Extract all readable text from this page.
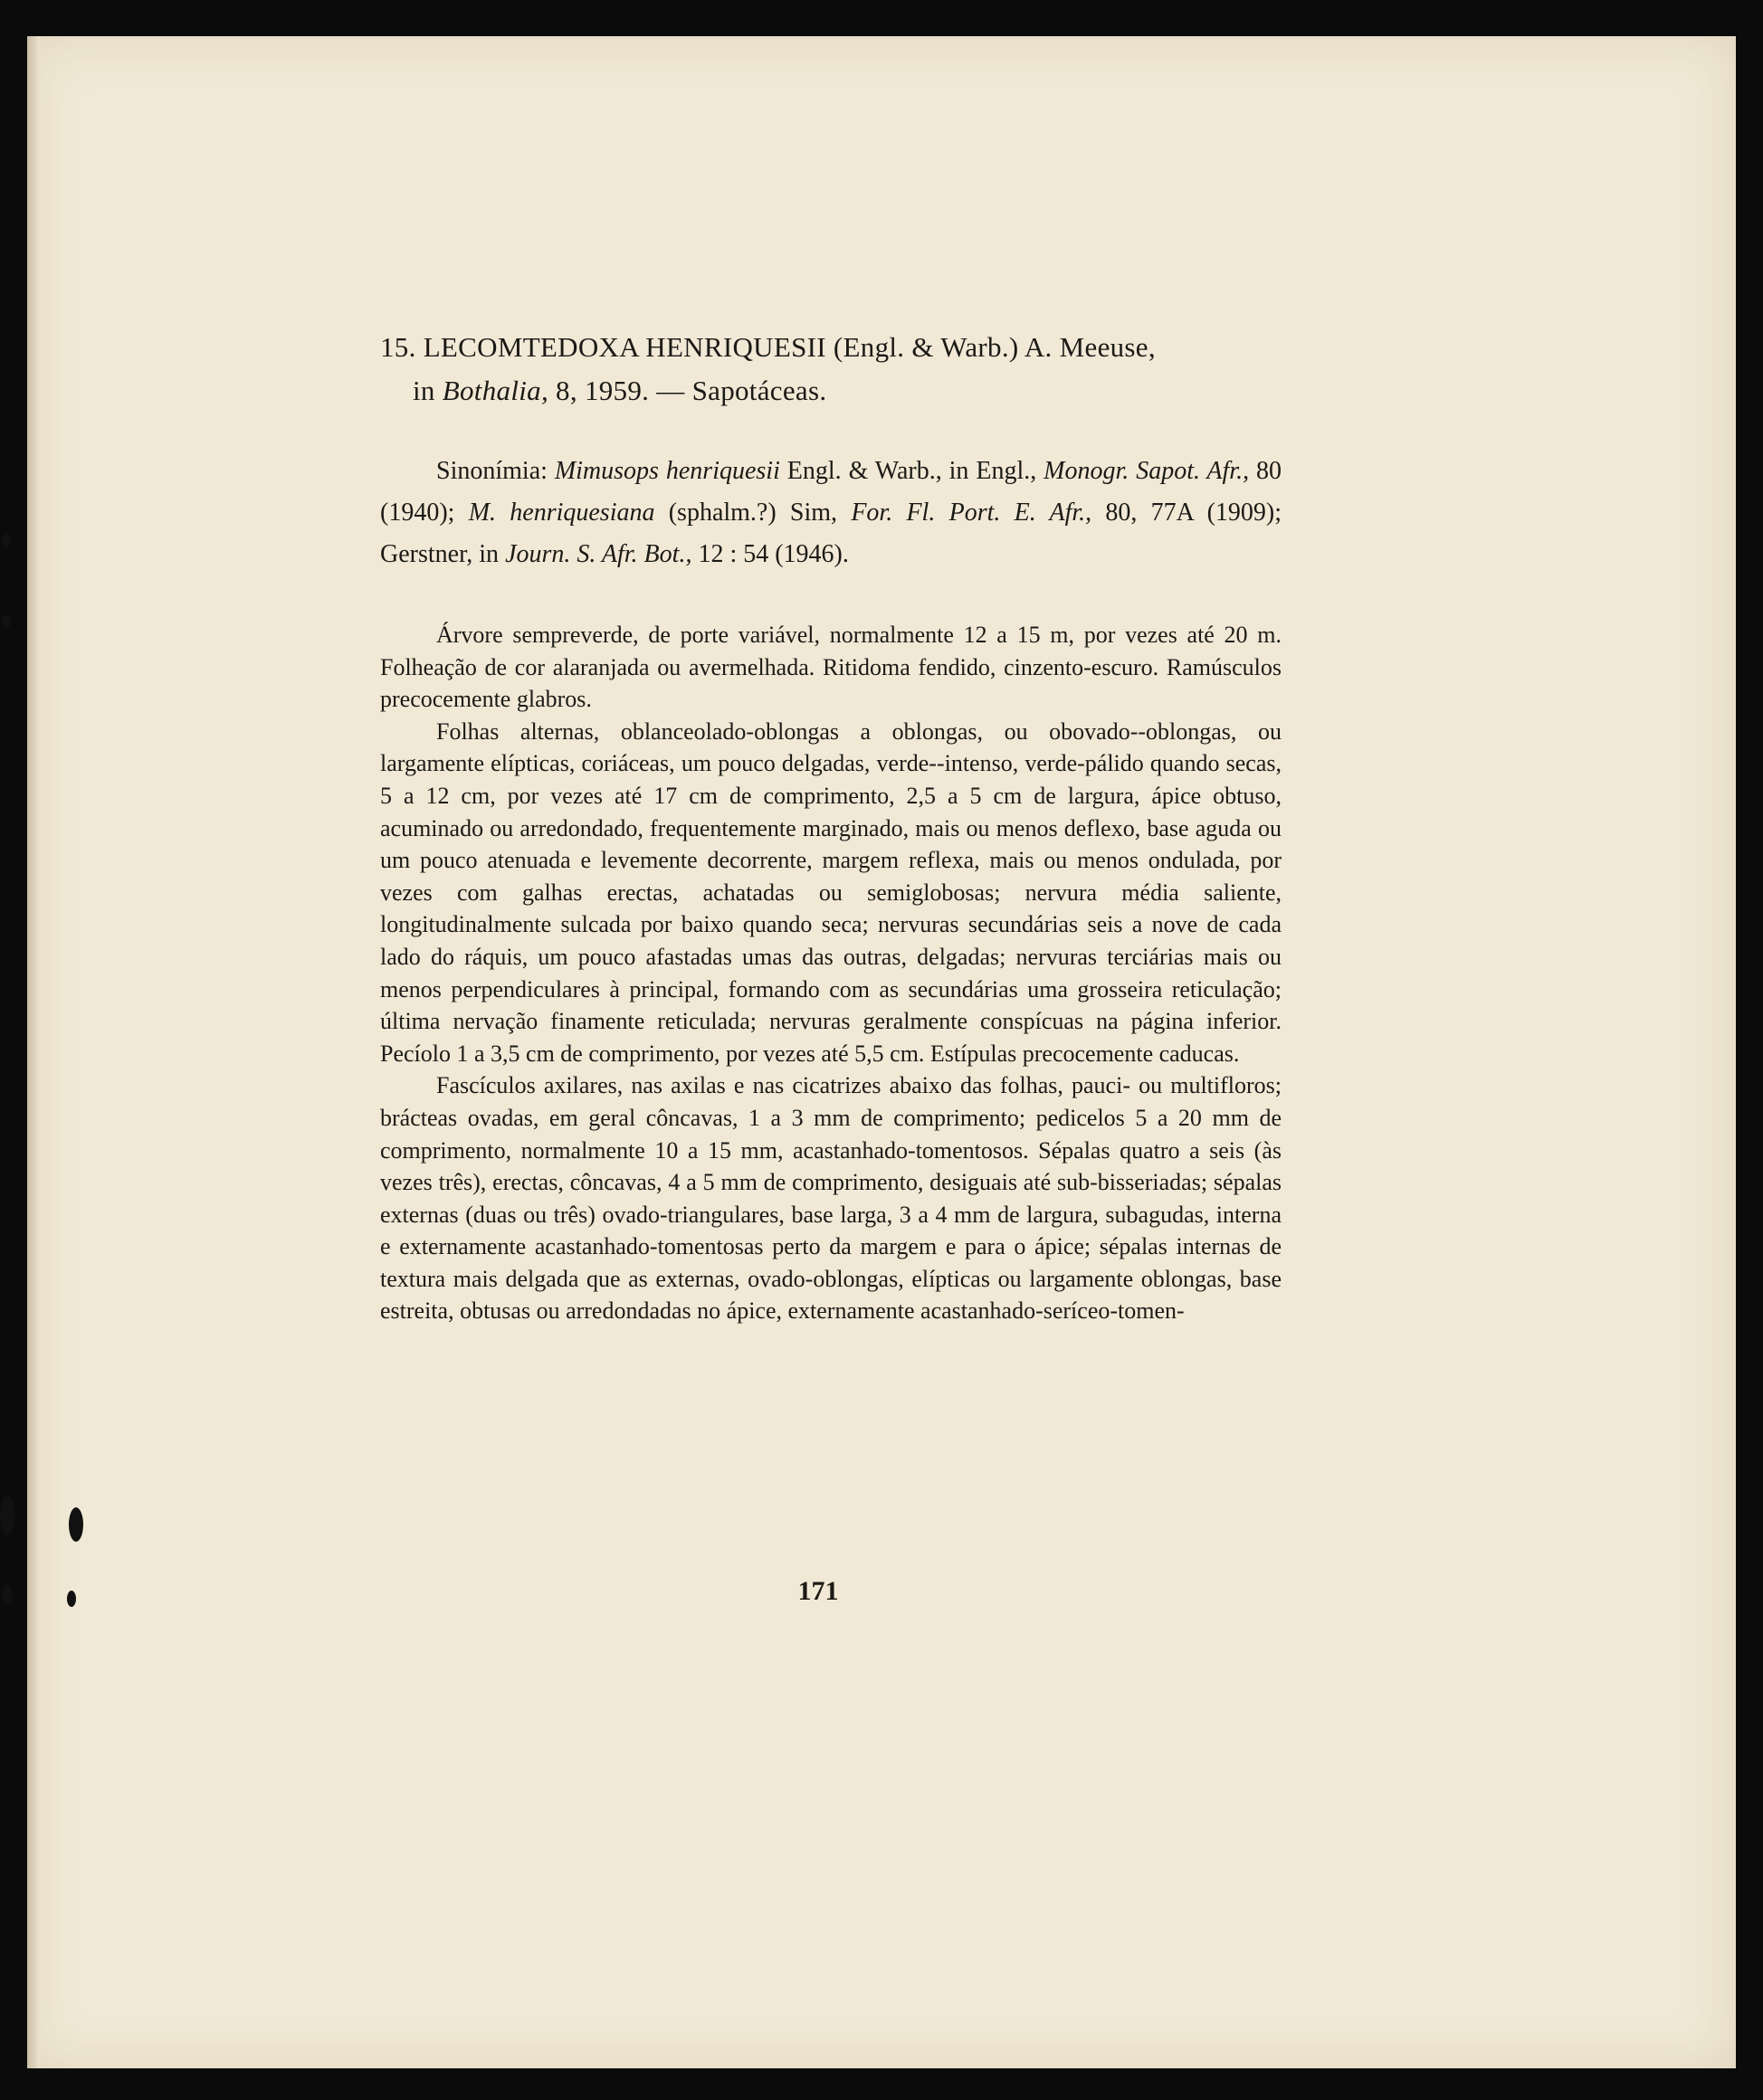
15. LECOMTEDOXA HENRIQUESII (Engl. & Warb.) A. Meeuse,
in Bothalia, 8, 1959. — Sapotáceas.

Sinonímia: Mimusops henriquesii Engl. & Warb., in Engl., Monogr. Sapot. Afr., 80 (1940); M. henriquesiana (sphalm.?) Sim, For. Fl. Port. E. Afr., 80, 77A (1909); Gerstner, in Journ. S. Afr. Bot., 12 : 54 (1946).

Árvore sempreverde, de porte variável, normalmente 12 a 15 m, por vezes até 20 m. Folheação de cor alaranjada ou avermelhada. Ritidoma fendido, cinzento-escuro. Ramúsculos precocemente glabros.

Folhas alternas, oblanceolado-oblongas a oblongas, ou obovado--oblongas, ou largamente elípticas, coriáceas, um pouco delgadas, verde--intenso, verde-pálido quando secas, 5 a 12 cm, por vezes até 17 cm de comprimento, 2,5 a 5 cm de largura, ápice obtuso, acuminado ou arredondado, frequentemente marginado, mais ou menos deflexo, base aguda ou um pouco atenuada e levemente decorrente, margem reflexa, mais ou menos ondulada, por vezes com galhas erectas, achatadas ou semiglobosas; nervura média saliente, longitudinalmente sulcada por baixo quando seca; nervuras secundárias seis a nove de cada lado do ráquis, um pouco afastadas umas das outras, delgadas; nervuras terciárias mais ou menos perpendiculares à principal, formando com as secundárias uma grosseira reticulação; última nervação finamente reticulada; nervuras geralmente conspícuas na página inferior. Pecíolo 1 a 3,5 cm de comprimento, por vezes até 5,5 cm. Estípulas precocemente caducas.

Fascículos axilares, nas axilas e nas cicatrizes abaixo das folhas, pauci- ou multifloros; brácteas ovadas, em geral côncavas, 1 a 3 mm de comprimento; pedicelos 5 a 20 mm de comprimento, normalmente 10 a 15 mm, acastanhado-tomentosos. Sépalas quatro a seis (às vezes três), erectas, côncavas, 4 a 5 mm de comprimento, desiguais até sub-bisseriadas; sépalas externas (duas ou três) ovado-triangulares, base larga, 3 a 4 mm de largura, subagudas, interna e externamente acastanhado-tomentosas perto da margem e para o ápice; sépalas internas de textura mais delgada que as externas, ovado-oblongas, elípticas ou largamente oblongas, base estreita, obtusas ou arredondadas no ápice, externamente acastanhado-seríceo-tomen-

171
